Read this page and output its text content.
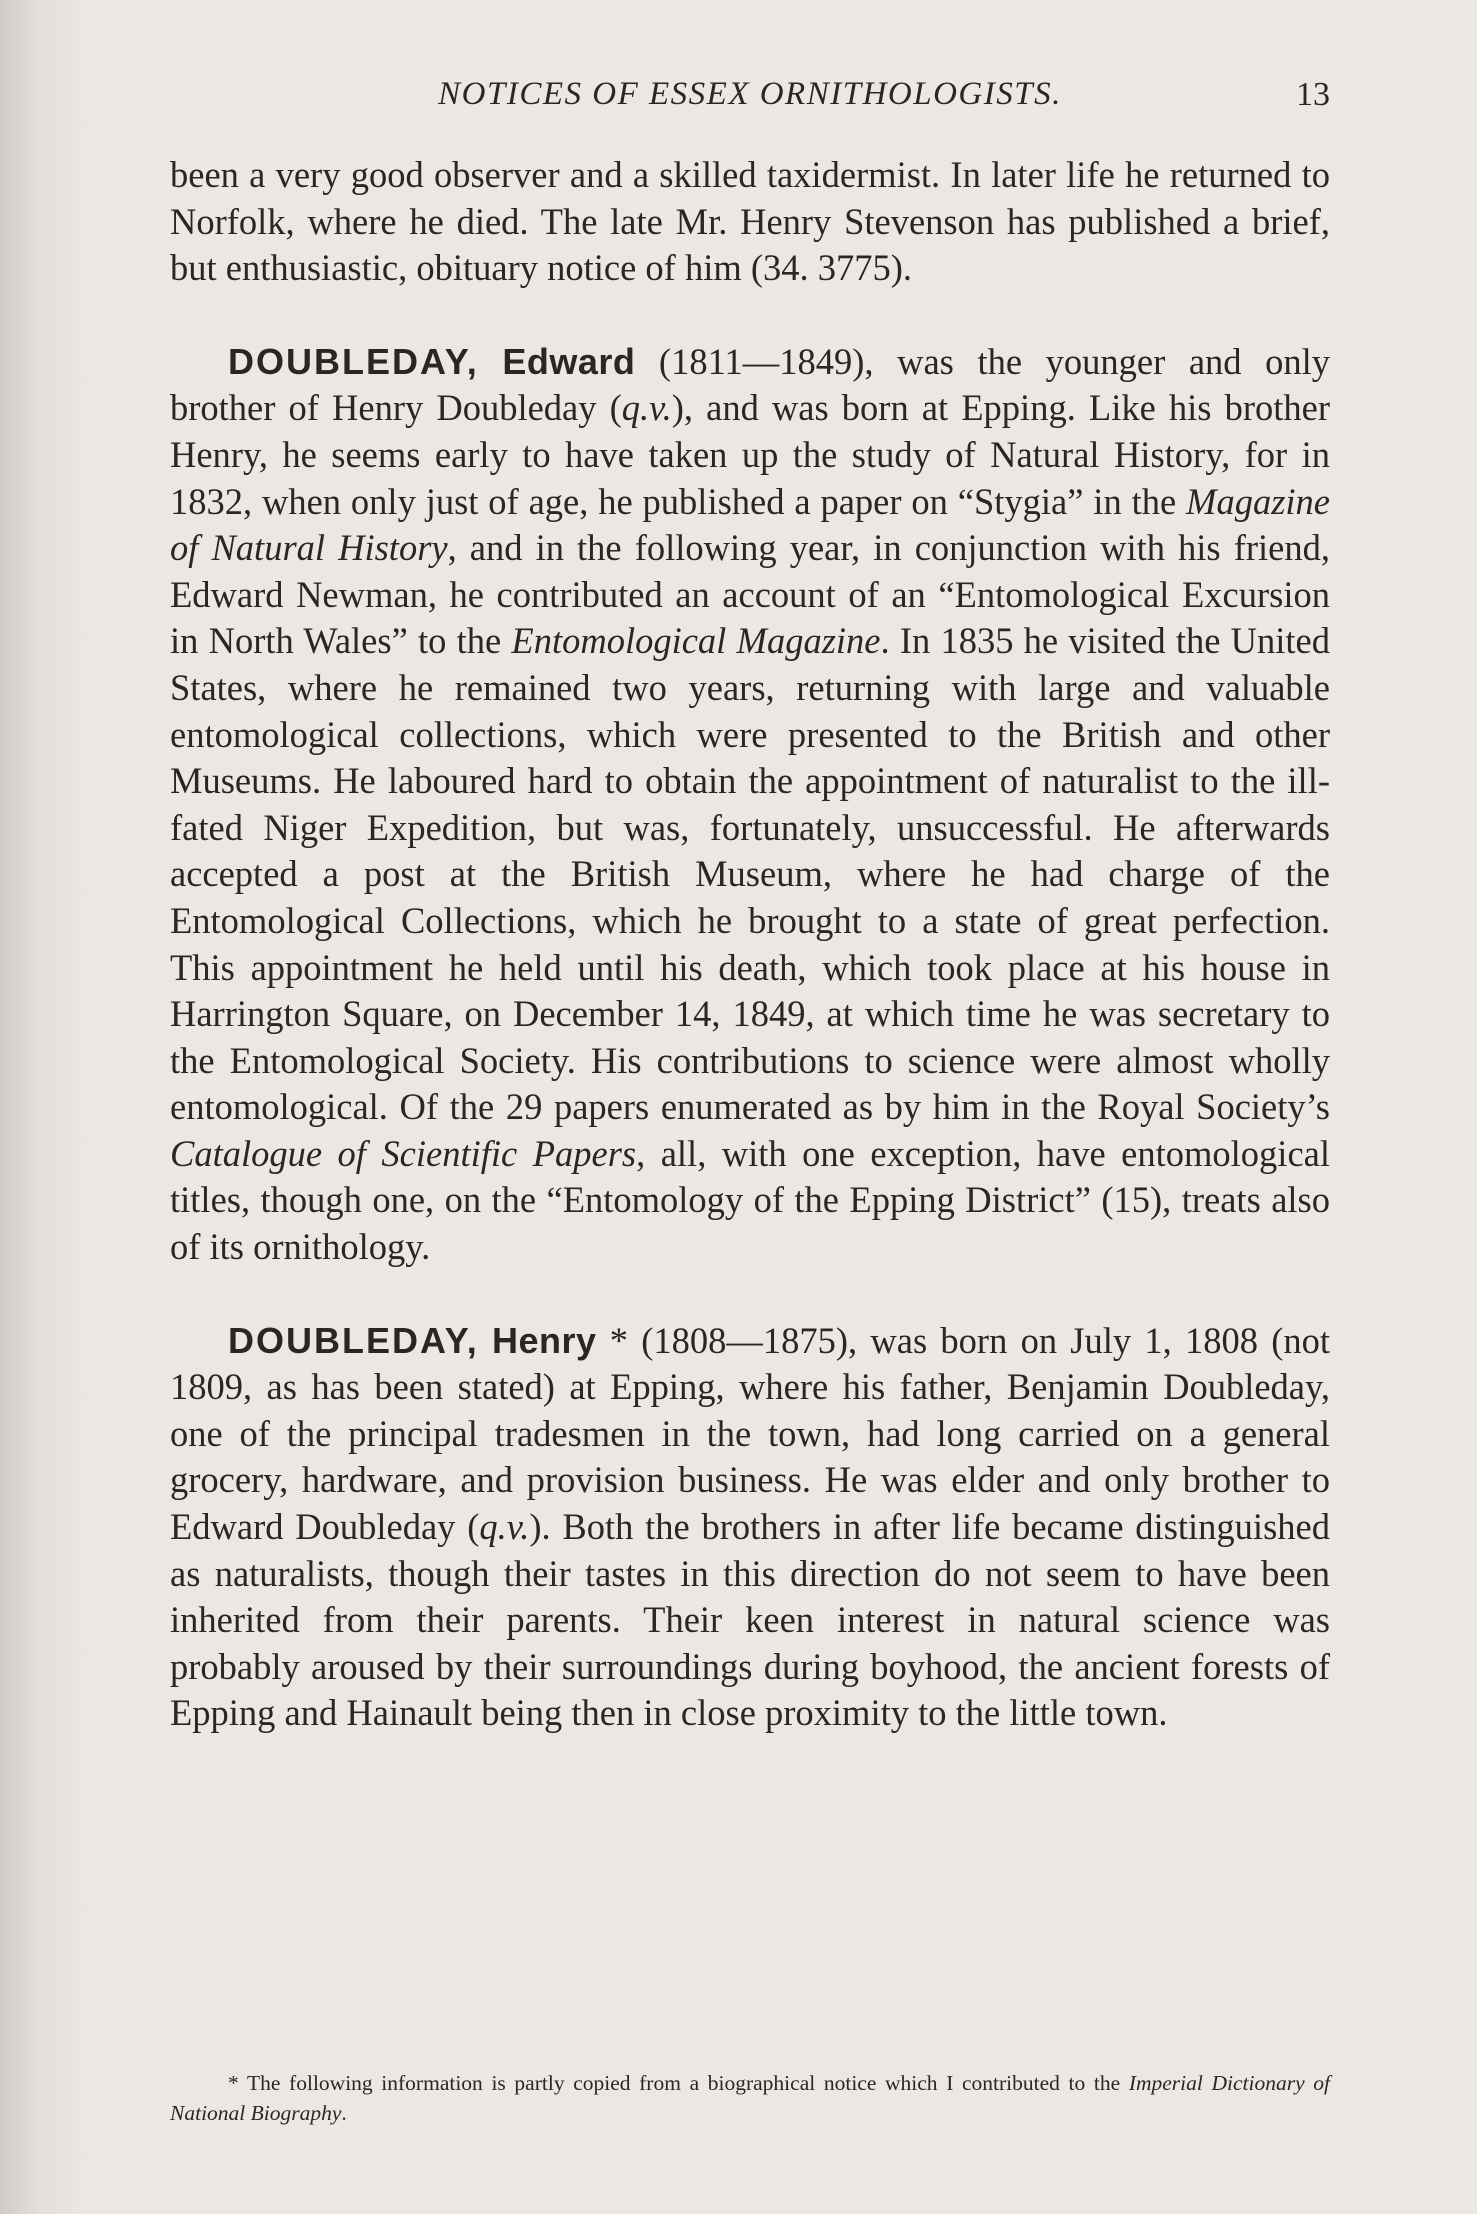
NOTICES OF ESSEX ORNITHOLOGISTS.	13

been a very good observer and a skilled taxidermist. In later life he returned to Norfolk, where he died. The late Mr. Henry Stevenson has published a brief, but enthusiastic, obituary notice of him (34. 3775).

DOUBLEDAY, Edward (1811—1849), was the younger and only brother of Henry Doubleday (q.v.), and was born at Epping. Like his brother Henry, he seems early to have taken up the study of Natural History, for in 1832, when only just of age, he published a paper on “Stygia” in the Magazine of Natural History, and in the following year, in conjunction with his friend, Edward Newman, he contributed an account of an “Entomological Excursion in North Wales” to the Entomological Magazine. In 1835 he visited the United States, where he remained two years, returning with large and valuable entomological collections, which were presented to the British and other Museums. He laboured hard to obtain the appointment of naturalist to the ill-fated Niger Expedition, but was, fortunately, unsuccessful. He afterwards accepted a post at the British Museum, where he had charge of the Entomological Collections, which he brought to a state of great perfection. This appointment he held until his death, which took place at his house in Harrington Square, on December 14, 1849, at which time he was secretary to the Entomological Society. His contributions to science were almost wholly entomological. Of the 29 papers enumerated as by him in the Royal Society’s Catalogue of Scientific Papers, all, with one exception, have entomological titles, though one, on the “Entomology of the Epping District” (15), treats also of its ornithology.

DOUBLEDAY, Henry * (1808—1875), was born on July 1, 1808 (not 1809, as has been stated) at Epping, where his father, Benjamin Doubleday, one of the principal tradesmen in the town, had long carried on a general grocery, hardware, and provision business. He was elder and only brother to Edward Doubleday (q.v.). Both the brothers in after life became distinguished as naturalists, though their tastes in this direction do not seem to have been inherited from their parents. Their keen interest in natural science was probably aroused by their surroundings during boyhood, the ancient forests of Epping and Hainault being then in close proximity to the little town.

* The following information is partly copied from a biographical notice which I contributed to the Imperial Dictionary of National Biography.
